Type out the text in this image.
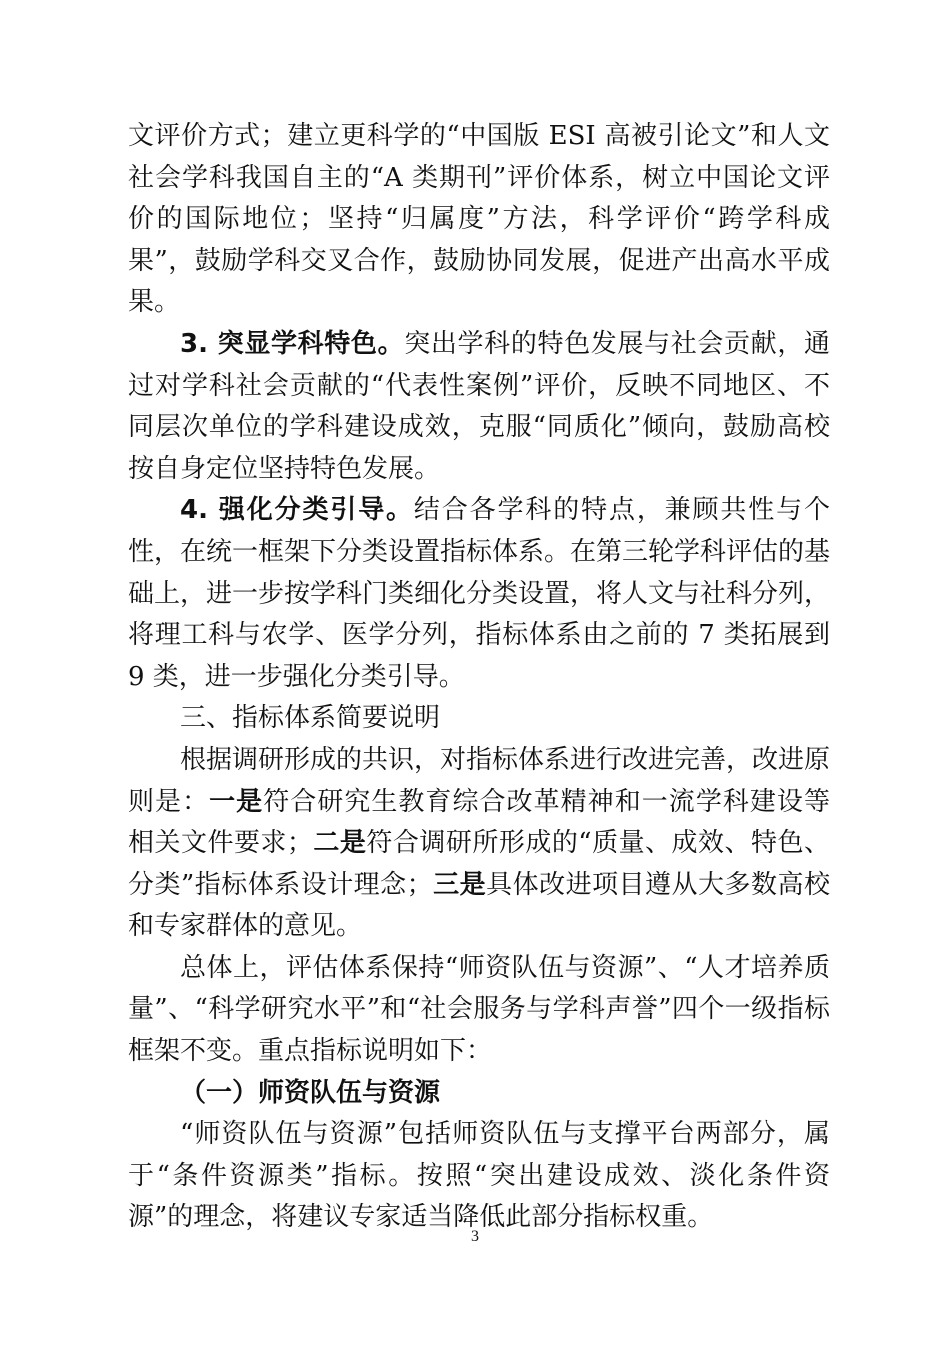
文评价方式；建立更科学的“中国版 ESI 高被引论文”和人文社会学科我国自主的“A 类期刊”评价体系，树立中国论文评价的国际地位；坚持“归属度”方法，科学评价“跨学科成果”，鼓励学科交叉合作，鼓励协同发展，促进产出高水平成果。

3. 突显学科特色。突出学科的特色发展与社会贡献，通过对学科社会贡献的“代表性案例”评价，反映不同地区、不同层次单位的学科建设成效，克服“同质化”倾向，鼓励高校按自身定位坚持特色发展。

4. 强化分类引导。结合各学科的特点，兼顾共性与个性，在统一框架下分类设置指标体系。在第三轮学科评估的基础上，进一步按学科门类细化分类设置，将人文与社科分列，将理工科与农学、医学分列，指标体系由之前的 7 类拓展到 9 类，进一步强化分类引导。

三、指标体系简要说明

根据调研形成的共识，对指标体系进行改进完善，改进原则是：一是符合研究生教育综合改革精神和一流学科建设等相关文件要求；二是符合调研所形成的“质量、成效、特色、分类”指标体系设计理念；三是具体改进项目遵从大多数高校和专家群体的意见。

总体上，评估体系保持“师资队伍与资源”、“人才培养质量”、“科学研究水平”和“社会服务与学科声誉”四个一级指标框架不变。重点指标说明如下：

（一）师资队伍与资源

“师资队伍与资源”包括师资队伍与支撑平台两部分，属于“条件资源类”指标。按照“突出建设成效、淡化条件资源”的理念，将建议专家适当降低此部分指标权重。

3
